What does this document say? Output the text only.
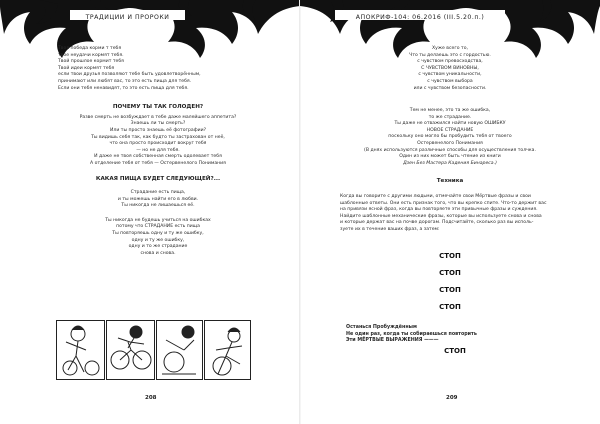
ТРАДИЦИИ И ПРОРОКИ

Твоя победа корми т тебя

твое неудачи кормят тебя.

Твой прошлое кормит тебя

Твой идеи кормят тебя

если твои друзья позволяют тебе быть удовлетворённым,

принимают или любят вас, то это есть пища для тебя.

Если они тебя ненавидят, то это есть пища для тебя.

ПОЧЕМУ ТЫ ТАК ГОЛОДЕН?

Разве смерть не возбуждает в тебе даже малейшего аппетита?

Знаешь ли ты смерть?

Или ты просто знаешь её фотографии?

Ты видишь себя так, как будто ты застрахован от неё,

что она просто происходит вокруг тебя

— но не для тебя.

И даже не твоя собственная смерть одолевает тебя

А отделение тебя от тебя — Остервенелого Понимания

КАКАЯ ПИЩА БУДЕТ СЛЕДУЮЩЕЙ?...

Страдание есть пища,

и ты можешь найти его в любви.

Ты никогда не лишаешься её.

Ты никогда не будешь учиться на ошибках

потому что СТРАДАНИЕ есть пища

Ты повторяешь одну и ту же ошибку,

одну и ту же ошибку,

одну и то же страдание

снова и снова.

208
АПОКРИФ-104: 06.2016 (III.5.20.п.)

Хуже всего то,

Что ты делаешь это с гордостью.

с чувством превосходства,

С ЧУВСТВОМ ВИНОВНЫ,

с чувством уникальности,

с чувством выбора

или с чувством безопасности.

Тем не менее, это та же ошибка,

то же страдание.

Ты даже не отважился найти новую ОШИБКУ

НОВОЕ СТРАДАНИЕ

поскольку оно могло бы пробудить тебя от твоего

Остервенелого Понимания

(В днях используются различные способы для осуществления толчка.

Один из них может быть чтение из книги

Дзен Без Мастера Кадения Бинареса.)

Техника

Когда вы говорите с другими людьми, отмечайте свои Мёртвые фразы и свои

шаблонные ответы. Они есть признак того, что вы крепко спите. Что-то держит вас

на привязи ясной фраз, когда вы повторяете эти привычные фразы и суждения.

Найдите шаблонные механические фразы, которые вы используете снова и снова

и которые держат вас на почве дорогам. Подсчитайте, сколько раз вы исполь-

зуете их в течение ваших фраз, а затем:

СТОП

СТОП

СТОП

СТОП

Останься Пробуждённым

Не один раз, когда ты собираешься повторить

Эти МЁРТВЫЕ ВЫРАЖЕНИЯ ———

СТОП
209
